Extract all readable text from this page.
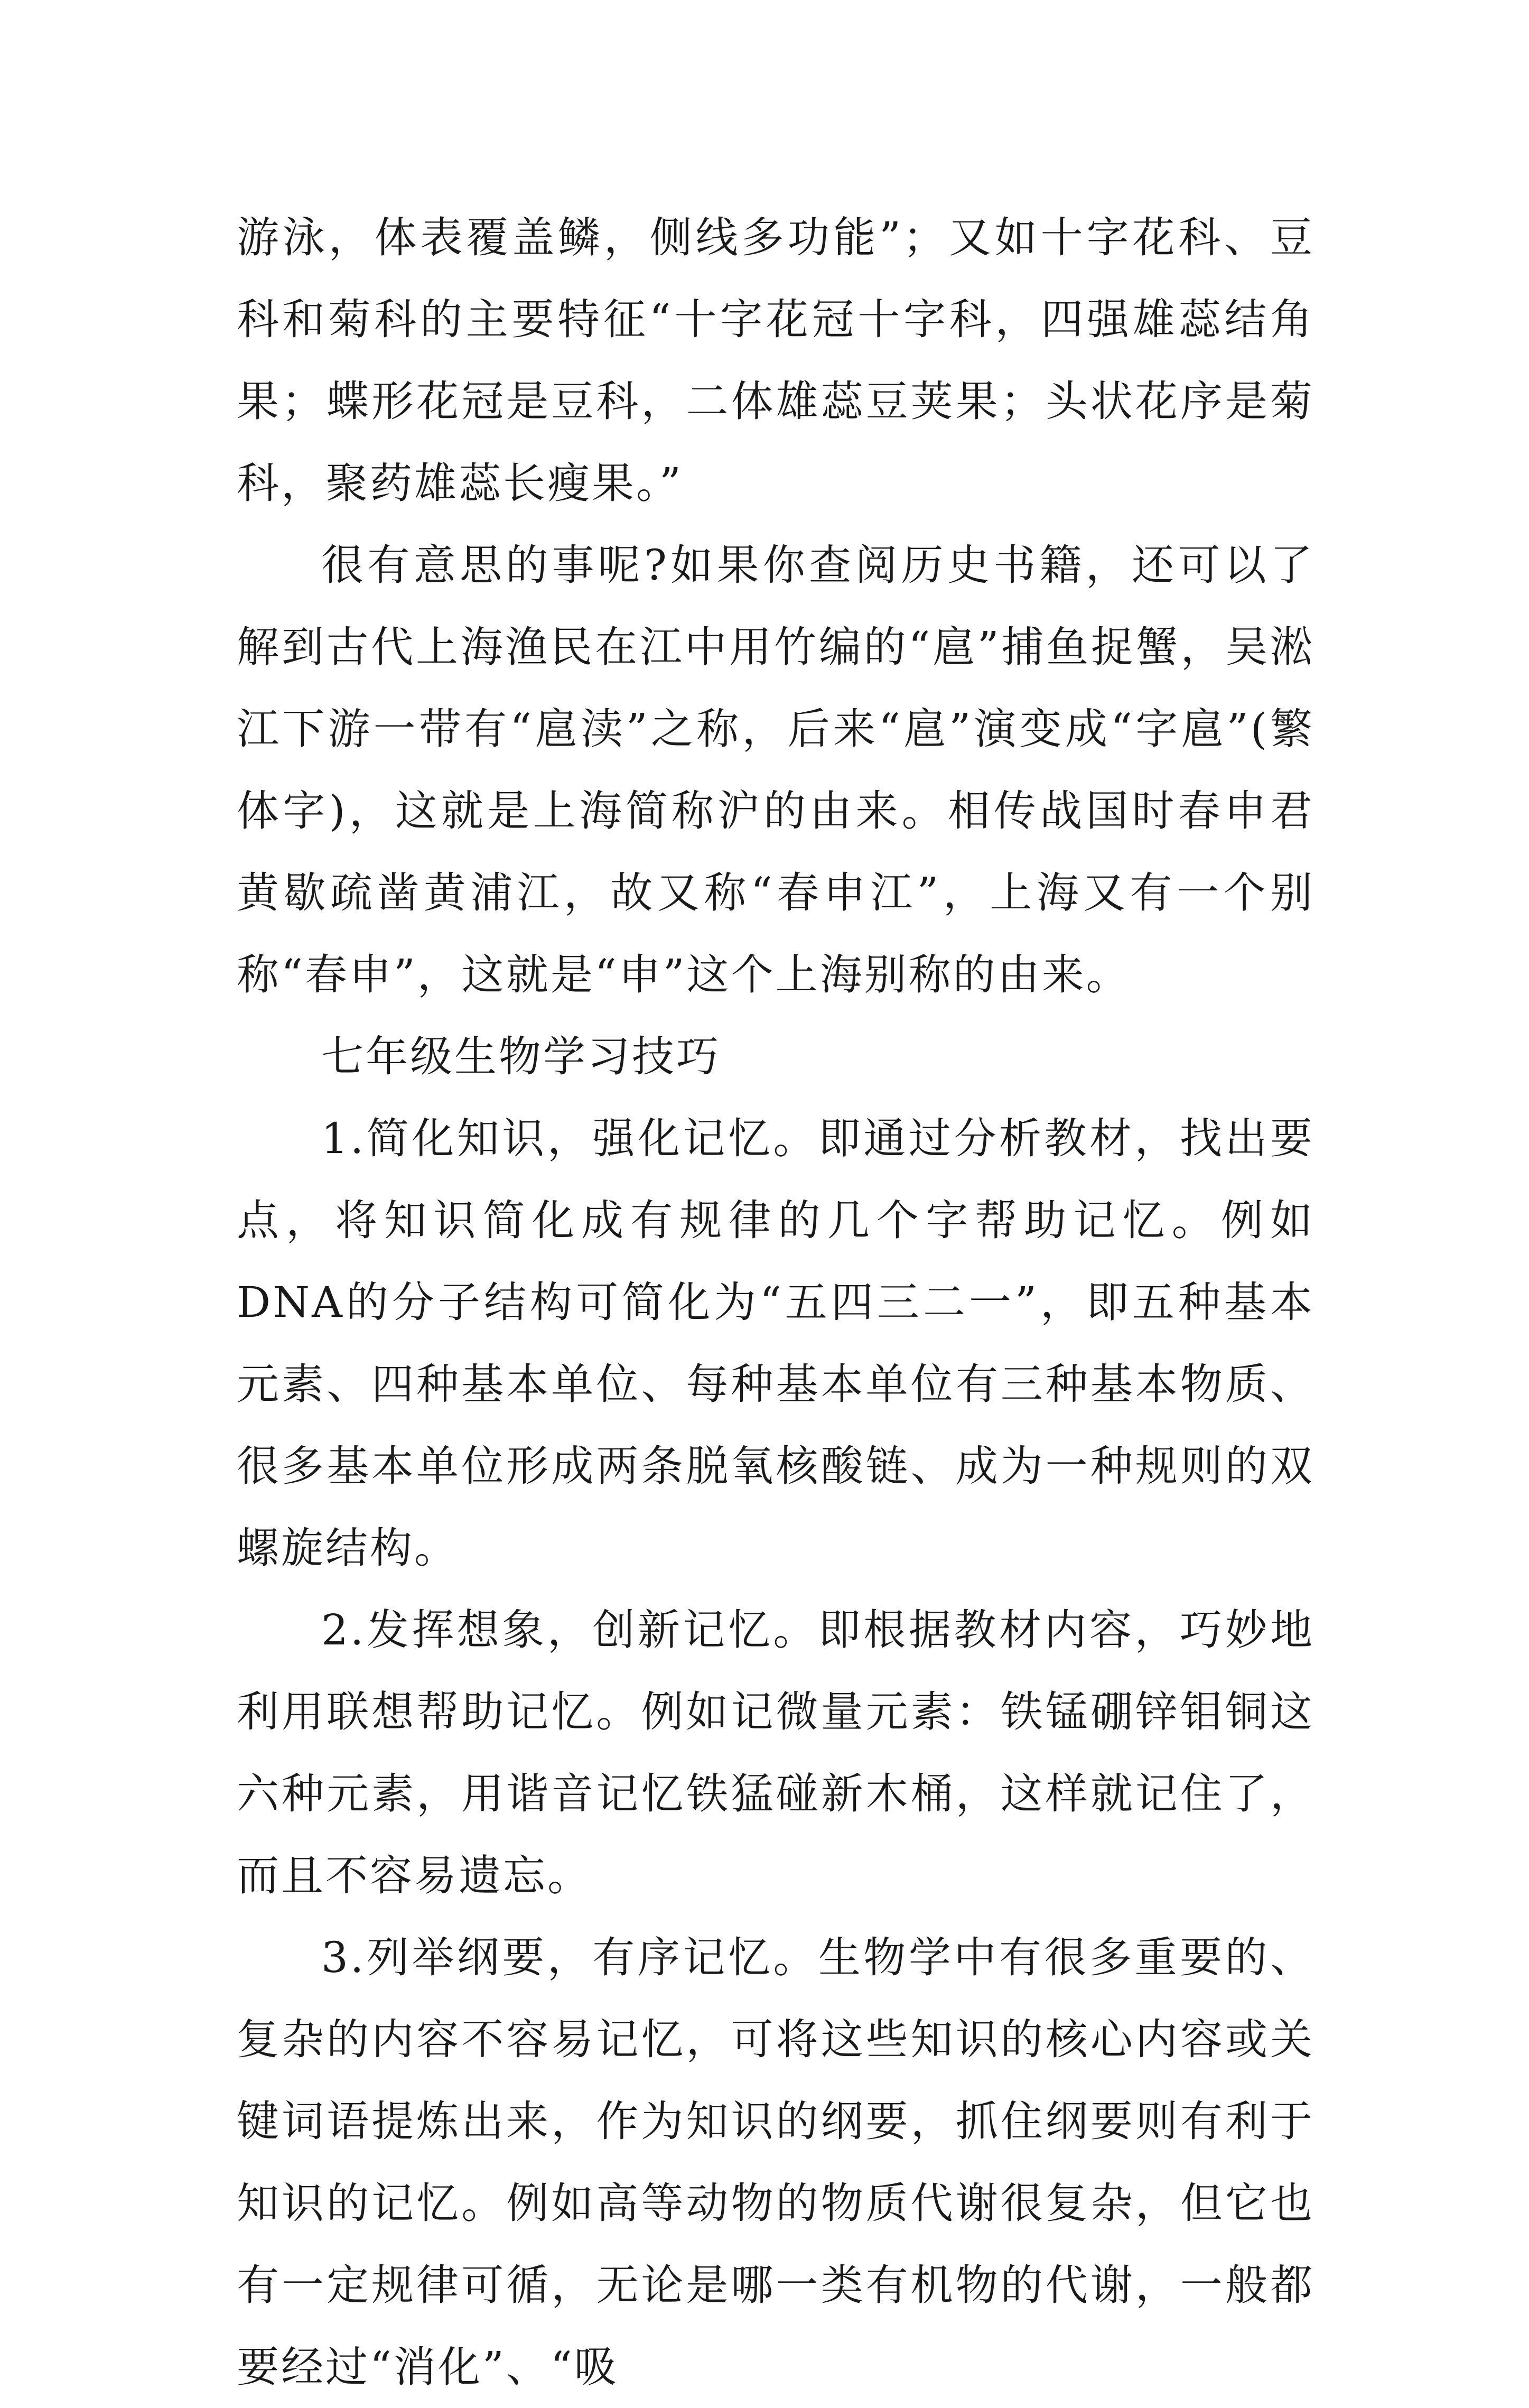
游泳，体表覆盖鳞，侧线多功能”；又如十字花科、豆科和菊科的主要特征“十字花冠十字科，四强雄蕊结角果；蝶形花冠是豆科，二体雄蕊豆荚果；头状花序是菊科，聚药雄蕊长瘦果。”

很有意思的事呢?如果你查阅历史书籍，还可以了解到古代上海渔民在江中用竹编的“扈”捕鱼捉蟹，吴淞江下游一带有“扈渎”之称，后来“扈”演变成“字扈”(繁体字)，这就是上海简称沪的由来。相传战国时春申君黄歇疏凿黄浦江，故又称“春申江”，上海又有一个别称“春申”，这就是“申”这个上海别称的由来。

七年级生物学习技巧

1.简化知识，强化记忆。即通过分析教材，找出要点，将知识简化成有规律的几个字帮助记忆。例如DNA的分子结构可简化为“五四三二一”，即五种基本元素、四种基本单位、每种基本单位有三种基本物质、很多基本单位形成两条脱氧核酸链、成为一种规则的双螺旋结构。

2.发挥想象，创新记忆。即根据教材内容，巧妙地利用联想帮助记忆。例如记微量元素：铁锰硼锌钼铜这六种元素，用谐音记忆铁猛碰新木桶，这样就记住了，而且不容易遗忘。

3.列举纲要，有序记忆。生物学中有很多重要的、复杂的内容不容易记忆，可将这些知识的核心内容或关键词语提炼出来，作为知识的纲要，抓住纲要则有利于知识的记忆。例如高等动物的物质代谢很复杂，但它也有一定规律可循，无论是哪一类有机物的代谢，一般都要经过“消化”、“吸
